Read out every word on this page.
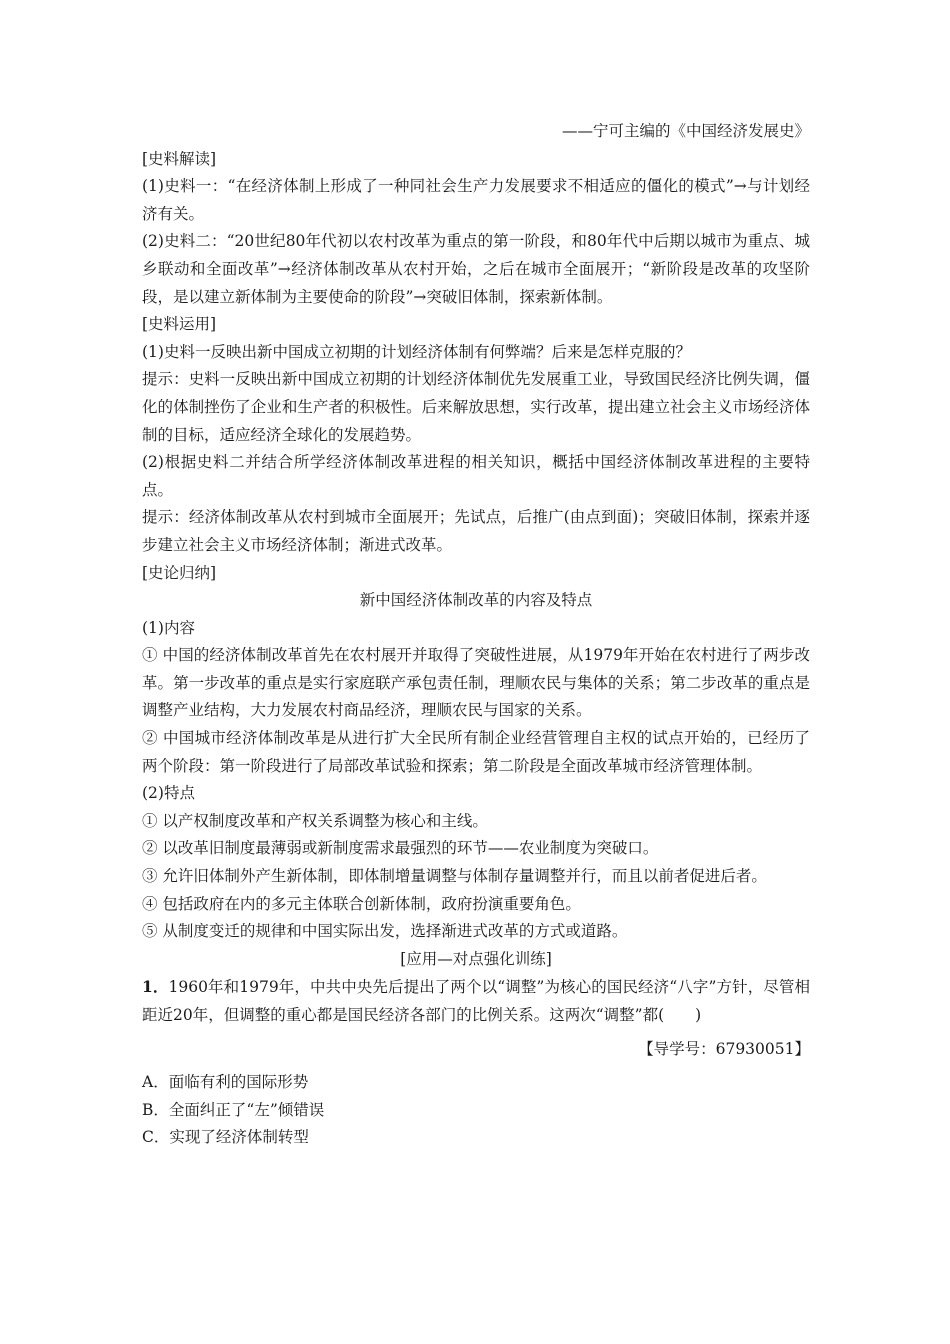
——宁可主编的《中国经济发展史》

[史料解读]

(1)史料一：“在经济体制上形成了一种同社会生产力发展要求不相适应的僵化的模式”→与计划经济有关。

(2)史料二：“20世纪80年代初以农村改革为重点的第一阶段，和80年代中后期以城市为重点、城乡联动和全面改革”→经济体制改革从农村开始，之后在城市全面展开；“新阶段是改革的攻坚阶段，是以建立新体制为主要使命的阶段”→突破旧体制，探索新体制。

[史料运用]

(1)史料一反映出新中国成立初期的计划经济体制有何弊端？后来是怎样克服的？

提示：史料一反映出新中国成立初期的计划经济体制优先发展重工业，导致国民经济比例失调，僵化的体制挫伤了企业和生产者的积极性。后来解放思想，实行改革，提出建立社会主义市场经济体制的目标，适应经济全球化的发展趋势。

(2)根据史料二并结合所学经济体制改革进程的相关知识，概括中国经济体制改革进程的主要特点。

提示：经济体制改革从农村到城市全面展开；先试点，后推广(由点到面)；突破旧体制，探索并逐步建立社会主义市场经济体制；渐进式改革。

[史论归纳]

新中国经济体制改革的内容及特点

(1)内容

① 中国的经济体制改革首先在农村展开并取得了突破性进展，从1979年开始在农村进行了两步改革。第一步改革的重点是实行家庭联产承包责任制，理顺农民与集体的关系；第二步改革的重点是调整产业结构，大力发展农村商品经济，理顺农民与国家的关系。

② 中国城市经济体制改革是从进行扩大全民所有制企业经营管理自主权的试点开始的，已经历了两个阶段：第一阶段进行了局部改革试验和探索；第二阶段是全面改革城市经济管理体制。

(2)特点

① 以产权制度改革和产权关系调整为核心和主线。

② 以改革旧制度最薄弱或新制度需求最强烈的环节——农业制度为突破口。

③ 允许旧体制外产生新体制，即体制增量调整与体制存量调整并行，而且以前者促进后者。

④ 包括政府在内的多元主体联合创新体制，政府扮演重要角色。

⑤ 从制度变迁的规律和中国实际出发，选择渐进式改革的方式或道路。

[应用—对点强化训练]

1．1960年和1979年，中共中央先后提出了两个以“调整”为核心的国民经济“八字”方针，尽管相距近20年，但调整的重心都是国民经济各部门的比例关系。这两次“调整”都(　　)

【导学号：67930051】

A．面临有利的国际形势

B．全面纠正了“左”倾错误

C．实现了经济体制转型
